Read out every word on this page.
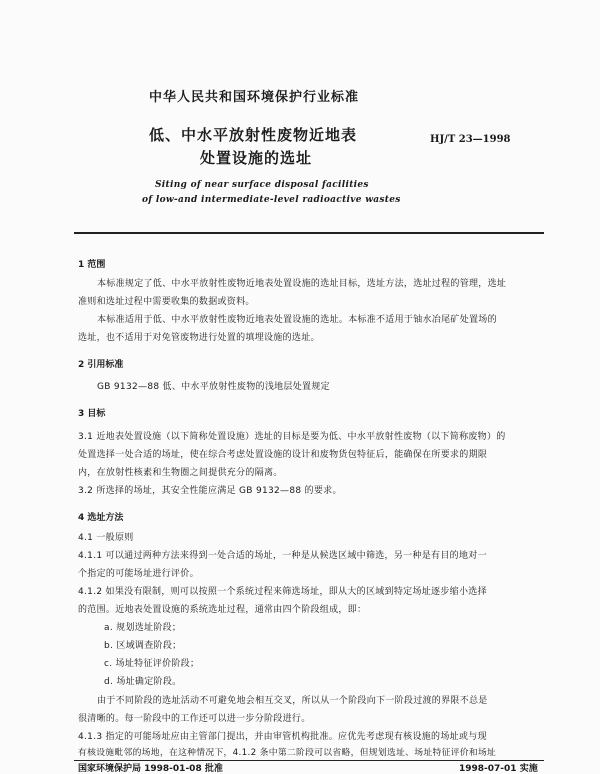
中华人民共和国环境保护行业标准
低、中水平放射性废物近地表
处置设施的选址
HJ/T 23—1998
Siting of near surface disposal facilities
of low-and intermediate-level radioactive wastes
1 范围
本标准规定了低、中水平放射性废物近地表处置设施的选址目标，选址方法，选址过程的管理，选址
准则和选址过程中需要收集的数据或资料。
本标准适用于低、中水平放射性废物近地表处置设施的选址。本标准不适用于铀水冶尾矿处置场的
选址，也不适用于对免管废物进行处置的填埋设施的选址。
2 引用标准
GB 9132—88 低、中水平放射性废物的浅地层处置规定
3 目标
3.1 近地表处置设施（以下简称处置设施）选址的目标是要为低、中水平放射性废物（以下简称废物）的
处置选择一处合适的场址，使在综合考虑处置设施的设计和废物货包特征后，能确保在所要求的期限
内，在放射性核素和生物圈之间提供充分的隔离。
3.2 所选择的场址，其安全性能应满足 GB 9132—88 的要求。
4 选址方法
4.1 一般原则
4.1.1 可以通过两种方法来得到一处合适的场址，一种是从候选区域中筛选，另一种是有目的地对一
个指定的可能场址进行评价。
4.1.2 如果没有限制，则可以按照一个系统过程来筛选场址，即从大的区域到特定场址逐步缩小选择
的范围。近地表处置设施的系统选址过程，通常由四个阶段组成，即：
a. 规划选址阶段；
b. 区域调查阶段；
c. 场址特征评价阶段；
d. 场址确定阶段。
由于不同阶段的选址活动不可避免地会相互交叉，所以从一个阶段向下一阶段过渡的界限不总是
很清晰的。每一阶段中的工作还可以进一步分阶段进行。
4.1.3 指定的可能场址应由主管部门提出，并由审管机构批准。应优先考虑现有核设施的场址或与现
有核设施毗邻的场地，在这种情况下，4.1.2 条中第二阶段可以省略，但规划选址、场址特征评价和场址
国家环境保护局 1998-01-08 批准	1998-07-01 实施
